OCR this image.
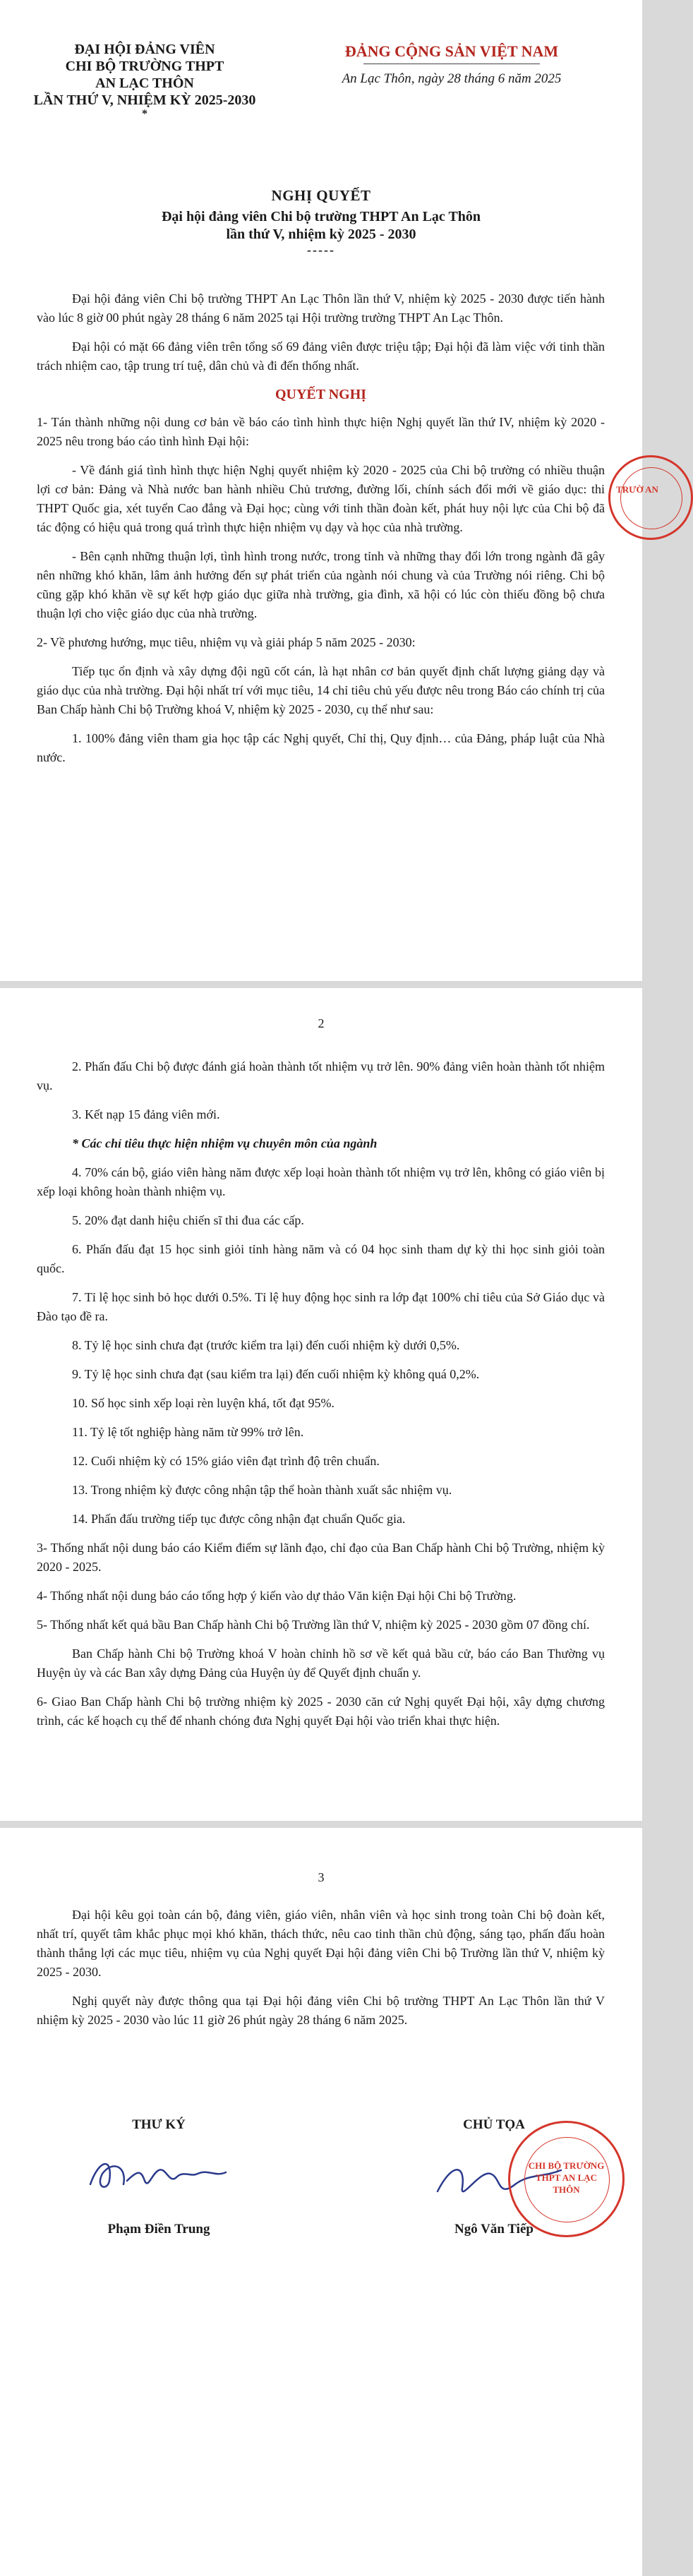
ĐẠI HỘI ĐẢNG VIÊN
CHI BỘ TRƯỜNG THPT
AN LẠC THÔN
LẦN THỨ V, NHIỆM KỲ 2025-2030
*
ĐẢNG CỘNG SẢN VIỆT NAM
An Lạc Thôn, ngày 28 tháng 6 năm 2025
NGHỊ QUYẾT
Đại hội đảng viên Chi bộ trường THPT An Lạc Thôn
lần thứ V, nhiệm kỳ 2025 - 2030
-----

Đại hội đảng viên Chi bộ trường THPT An Lạc Thôn lần thứ V, nhiệm kỳ 2025 - 2030 được tiến hành vào lúc 8 giờ 00 phút ngày 28 tháng 6 năm 2025 tại Hội trường trường THPT An Lạc Thôn.

Đại hội có mặt 66 đảng viên trên tổng số 69 đảng viên được triệu tập; Đại hội đã làm việc với tinh thần trách nhiệm cao, tập trung trí tuệ, dân chủ và đi đến thống nhất.

QUYẾT NGHỊ

1- Tán thành những nội dung cơ bản về báo cáo tình hình thực hiện Nghị quyết lần thứ IV, nhiệm kỳ 2020 - 2025 nêu trong báo cáo tình hình Đại hội:

- Về đánh giá tình hình thực hiện Nghị quyết nhiệm kỳ 2020 - 2025 của Chi bộ trường có nhiều thuận lợi cơ bản: Đảng và Nhà nước ban hành nhiều Chủ trương, đường lối, chính sách đổi mới về giáo dục: thi THPT Quốc gia, xét tuyển Cao đẳng và Đại học; cùng với tinh thần đoàn kết, phát huy nội lực của Chi bộ đã tác động có hiệu quả trong quá trình thực hiện nhiệm vụ dạy và học của nhà trường.

- Bên cạnh những thuận lợi, tình hình trong nước, trong tỉnh và những thay đổi lớn trong ngành đã gây nên những khó khăn, lâm ảnh hưởng đến sự phát triển của ngành nói chung và của Trường nói riêng. Chi bộ cũng gặp khó khăn về sự kết hợp giáo dục giữa nhà trường, gia đình, xã hội có lúc còn thiếu đồng bộ chưa thuận lợi cho việc giáo dục của nhà trường.

2- Về phương hướng, mục tiêu, nhiệm vụ và giải pháp 5 năm 2025 - 2030:

Tiếp tục ổn định và xây dựng đội ngũ cốt cán, là hạt nhân cơ bản quyết định chất lượng giảng dạy và giáo dục của nhà trường. Đại hội nhất trí với mục tiêu, 14 chỉ tiêu chủ yếu được nêu trong Báo cáo chính trị của Ban Chấp hành Chi bộ Trường khoá V, nhiệm kỳ 2025 - 2030, cụ thể như sau:

1. 100% đảng viên tham gia học tập các Nghị quyết, Chỉ thị, Quy định… của Đảng, pháp luật của Nhà nước.

TRƯỜ AN
2

2. Phấn đấu Chi bộ được đánh giá hoàn thành tốt nhiệm vụ trở lên. 90% đảng viên hoàn thành tốt nhiệm vụ.

3. Kết nạp 15 đảng viên mới.

* Các chỉ tiêu thực hiện nhiệm vụ chuyên môn của ngành

4. 70% cán bộ, giáo viên hàng năm được xếp loại hoàn thành tốt nhiệm vụ trở lên, không có giáo viên bị xếp loại không hoàn thành nhiệm vụ.

5. 20% đạt danh hiệu chiến sĩ thi đua các cấp.

6. Phấn đấu đạt 15 học sinh giỏi tỉnh hàng năm và có 04 học sinh tham dự kỳ thi học sinh giỏi toàn quốc.

7. Tỉ lệ học sinh bỏ học dưới 0.5%. Tỉ lệ huy động học sinh ra lớp đạt 100% chỉ tiêu của Sở Giáo dục và Đào tạo đề ra.

8. Tỷ lệ học sinh chưa đạt (trước kiểm tra lại) đến cuối nhiệm kỳ dưới 0,5%.

9. Tỷ lệ học sinh chưa đạt (sau kiểm tra lại) đến cuối nhiệm kỳ không quá 0,2%.

10. Số học sinh xếp loại rèn luyện khá, tốt đạt 95%.

11. Tỷ lệ tốt nghiệp hàng năm từ 99% trở lên.

12. Cuối nhiệm kỳ có 15% giáo viên đạt trình độ trên chuẩn.

13. Trong nhiệm kỳ được công nhận tập thể hoàn thành xuất sắc nhiệm vụ.

14. Phấn đấu trường tiếp tục được công nhận đạt chuẩn Quốc gia.

3- Thống nhất nội dung báo cáo Kiểm điểm sự lãnh đạo, chỉ đạo của Ban Chấp hành Chi bộ Trường, nhiệm kỳ 2020 - 2025.

4- Thống nhất nội dung báo cáo tổng hợp ý kiến vào dự thảo Văn kiện Đại hội Chi bộ Trường.

5- Thống nhất kết quả bầu Ban Chấp hành Chi bộ Trường lần thứ V, nhiệm kỳ 2025 - 2030 gồm 07 đồng chí.

Ban Chấp hành Chi bộ Trường khoá V hoàn chỉnh hồ sơ về kết quả bầu cử, báo cáo Ban Thường vụ Huyện ủy và các Ban xây dựng Đảng của Huyện ủy để Quyết định chuẩn y.

6- Giao Ban Chấp hành Chi bộ trường nhiệm kỳ 2025 - 2030 căn cứ Nghị quyết Đại hội, xây dựng chương trình, các kế hoạch cụ thể để nhanh chóng đưa Nghị quyết Đại hội vào triển khai thực hiện.

3

Đại hội kêu gọi toàn cán bộ, đảng viên, giáo viên, nhân viên và học sinh trong toàn Chi bộ đoàn kết, nhất trí, quyết tâm khắc phục mọi khó khăn, thách thức, nêu cao tinh thần chủ động, sáng tạo, phấn đấu hoàn thành thắng lợi các mục tiêu, nhiệm vụ của Nghị quyết Đại hội đảng viên Chi bộ Trường lần thứ V, nhiệm kỳ 2025 - 2030.

Nghị quyết này được thông qua tại Đại hội đảng viên Chi bộ trường THPT An Lạc Thôn lần thứ V nhiệm kỳ 2025 - 2030 vào lúc 11 giờ 26 phút ngày 28 tháng 6 năm 2025.

THƯ KÝ
Phạm Điền Trung
CHỦ TỌA
Ngô Văn Tiếp
CHI BỘ TRƯỜNG THPT AN LẠC THÔN
